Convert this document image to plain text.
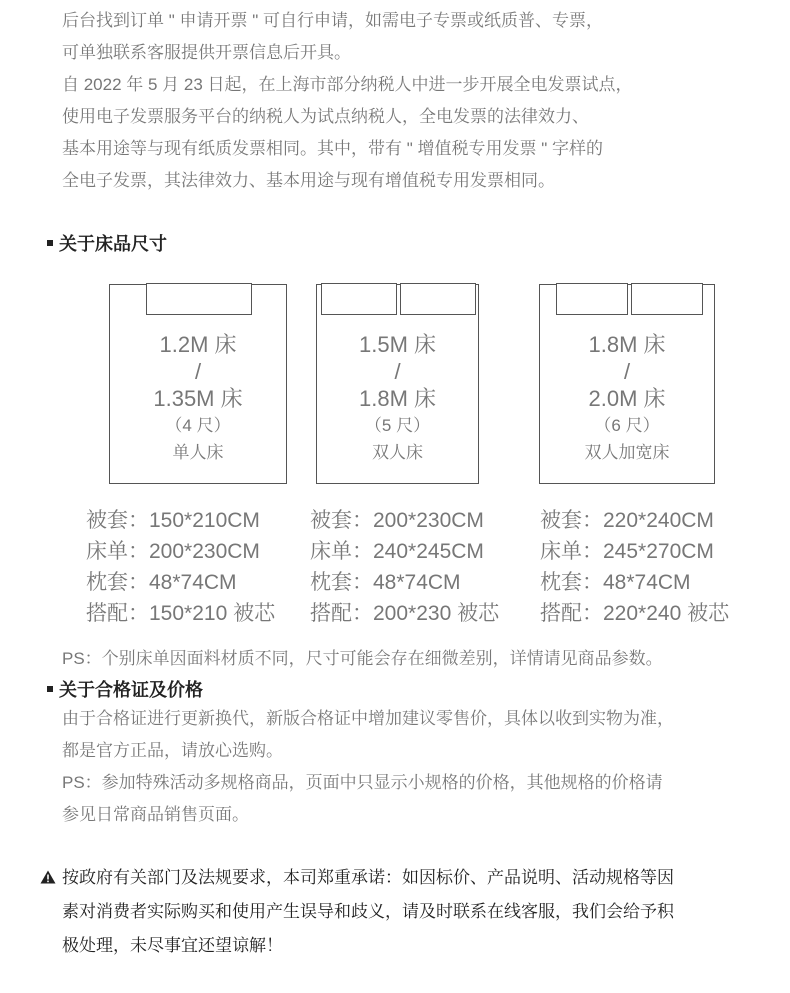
后台找到订单 " 申请开票 " 可自行申请，如需电子专票或纸质普、专票，

可单独联系客服提供开票信息后开具。

自 2022 年 5 月 23 日起，在上海市部分纳税人中进一步开展全电发票试点，

使用电子发票服务平台的纳税人为试点纳税人，全电发票的法律效力、

基本用途等与现有纸质发票相同。其中，带有 " 增值税专用发票 " 字样的

全电子发票，其法律效力、基本用途与现有增值税专用发票相同。

关于床品尺寸
1.2M 床
/
1.35M 床
（4 尺）
单人床
1.5M 床
/
1.8M 床
（5 尺）
双人床
1.8M 床
/
2.0M 床
（6 尺）
双人加宽床
被套：150*210CM
床单：200*230CM
枕套：48*74CM
搭配：150*210 被芯
被套：200*230CM
床单：240*245CM
枕套：48*74CM
搭配：200*230 被芯
被套：220*240CM
床单：245*270CM
枕套：48*74CM
搭配：220*240 被芯
PS：个别床单因面料材质不同，尺寸可能会存在细微差别，详情请见商品参数。
关于合格证及价格

由于合格证进行更新换代，新版合格证中增加建议零售价，具体以收到实物为准，

都是官方正品，请放心选购。

PS：参加特殊活动多规格商品，页面中只显示小规格的价格，其他规格的价格请

参见日常商品销售页面。

按政府有关部门及法规要求，本司郑重承诺：如因标价、产品说明、活动规格等因

素对消费者实际购买和使用产生误导和歧义，请及时联系在线客服，我们会给予积

极处理，未尽事宜还望谅解！
